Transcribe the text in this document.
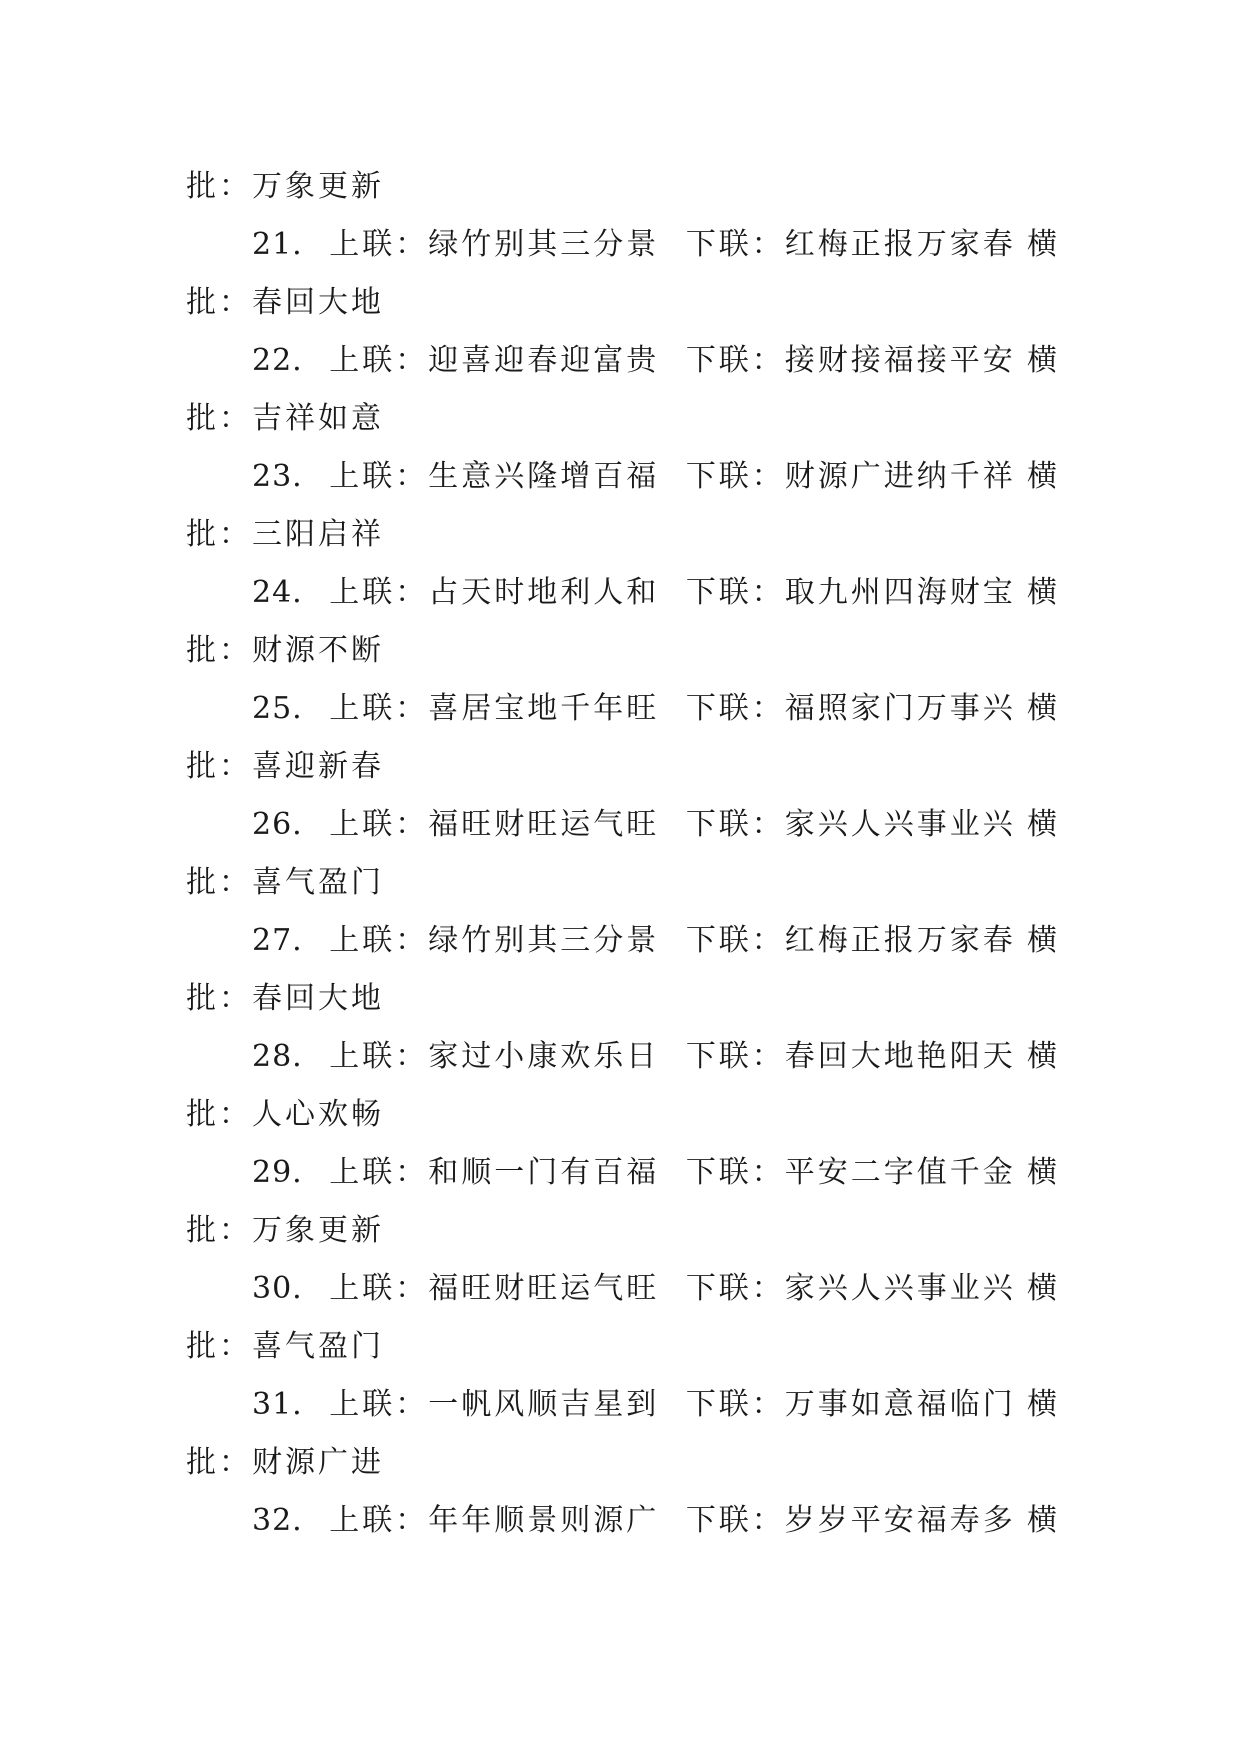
批：万象更新
21. 上联：绿竹别其三分景 下联：红梅正报万家春 横
批：春回大地
22. 上联：迎喜迎春迎富贵 下联：接财接福接平安 横
批：吉祥如意
23. 上联：生意兴隆增百福 下联：财源广进纳千祥 横
批：三阳启祥
24. 上联：占天时地利人和 下联：取九州四海财宝 横
批：财源不断
25. 上联：喜居宝地千年旺 下联：福照家门万事兴 横
批：喜迎新春
26. 上联：福旺财旺运气旺 下联：家兴人兴事业兴 横
批：喜气盈门
27. 上联：绿竹别其三分景 下联：红梅正报万家春 横
批：春回大地
28. 上联：家过小康欢乐日 下联：春回大地艳阳天 横
批：人心欢畅
29. 上联：和顺一门有百福 下联：平安二字值千金 横
批：万象更新
30. 上联：福旺财旺运气旺 下联：家兴人兴事业兴 横
批：喜气盈门
31. 上联：一帆风顺吉星到 下联：万事如意福临门 横
批：财源广进
32. 上联：年年顺景则源广 下联：岁岁平安福寿多 横
